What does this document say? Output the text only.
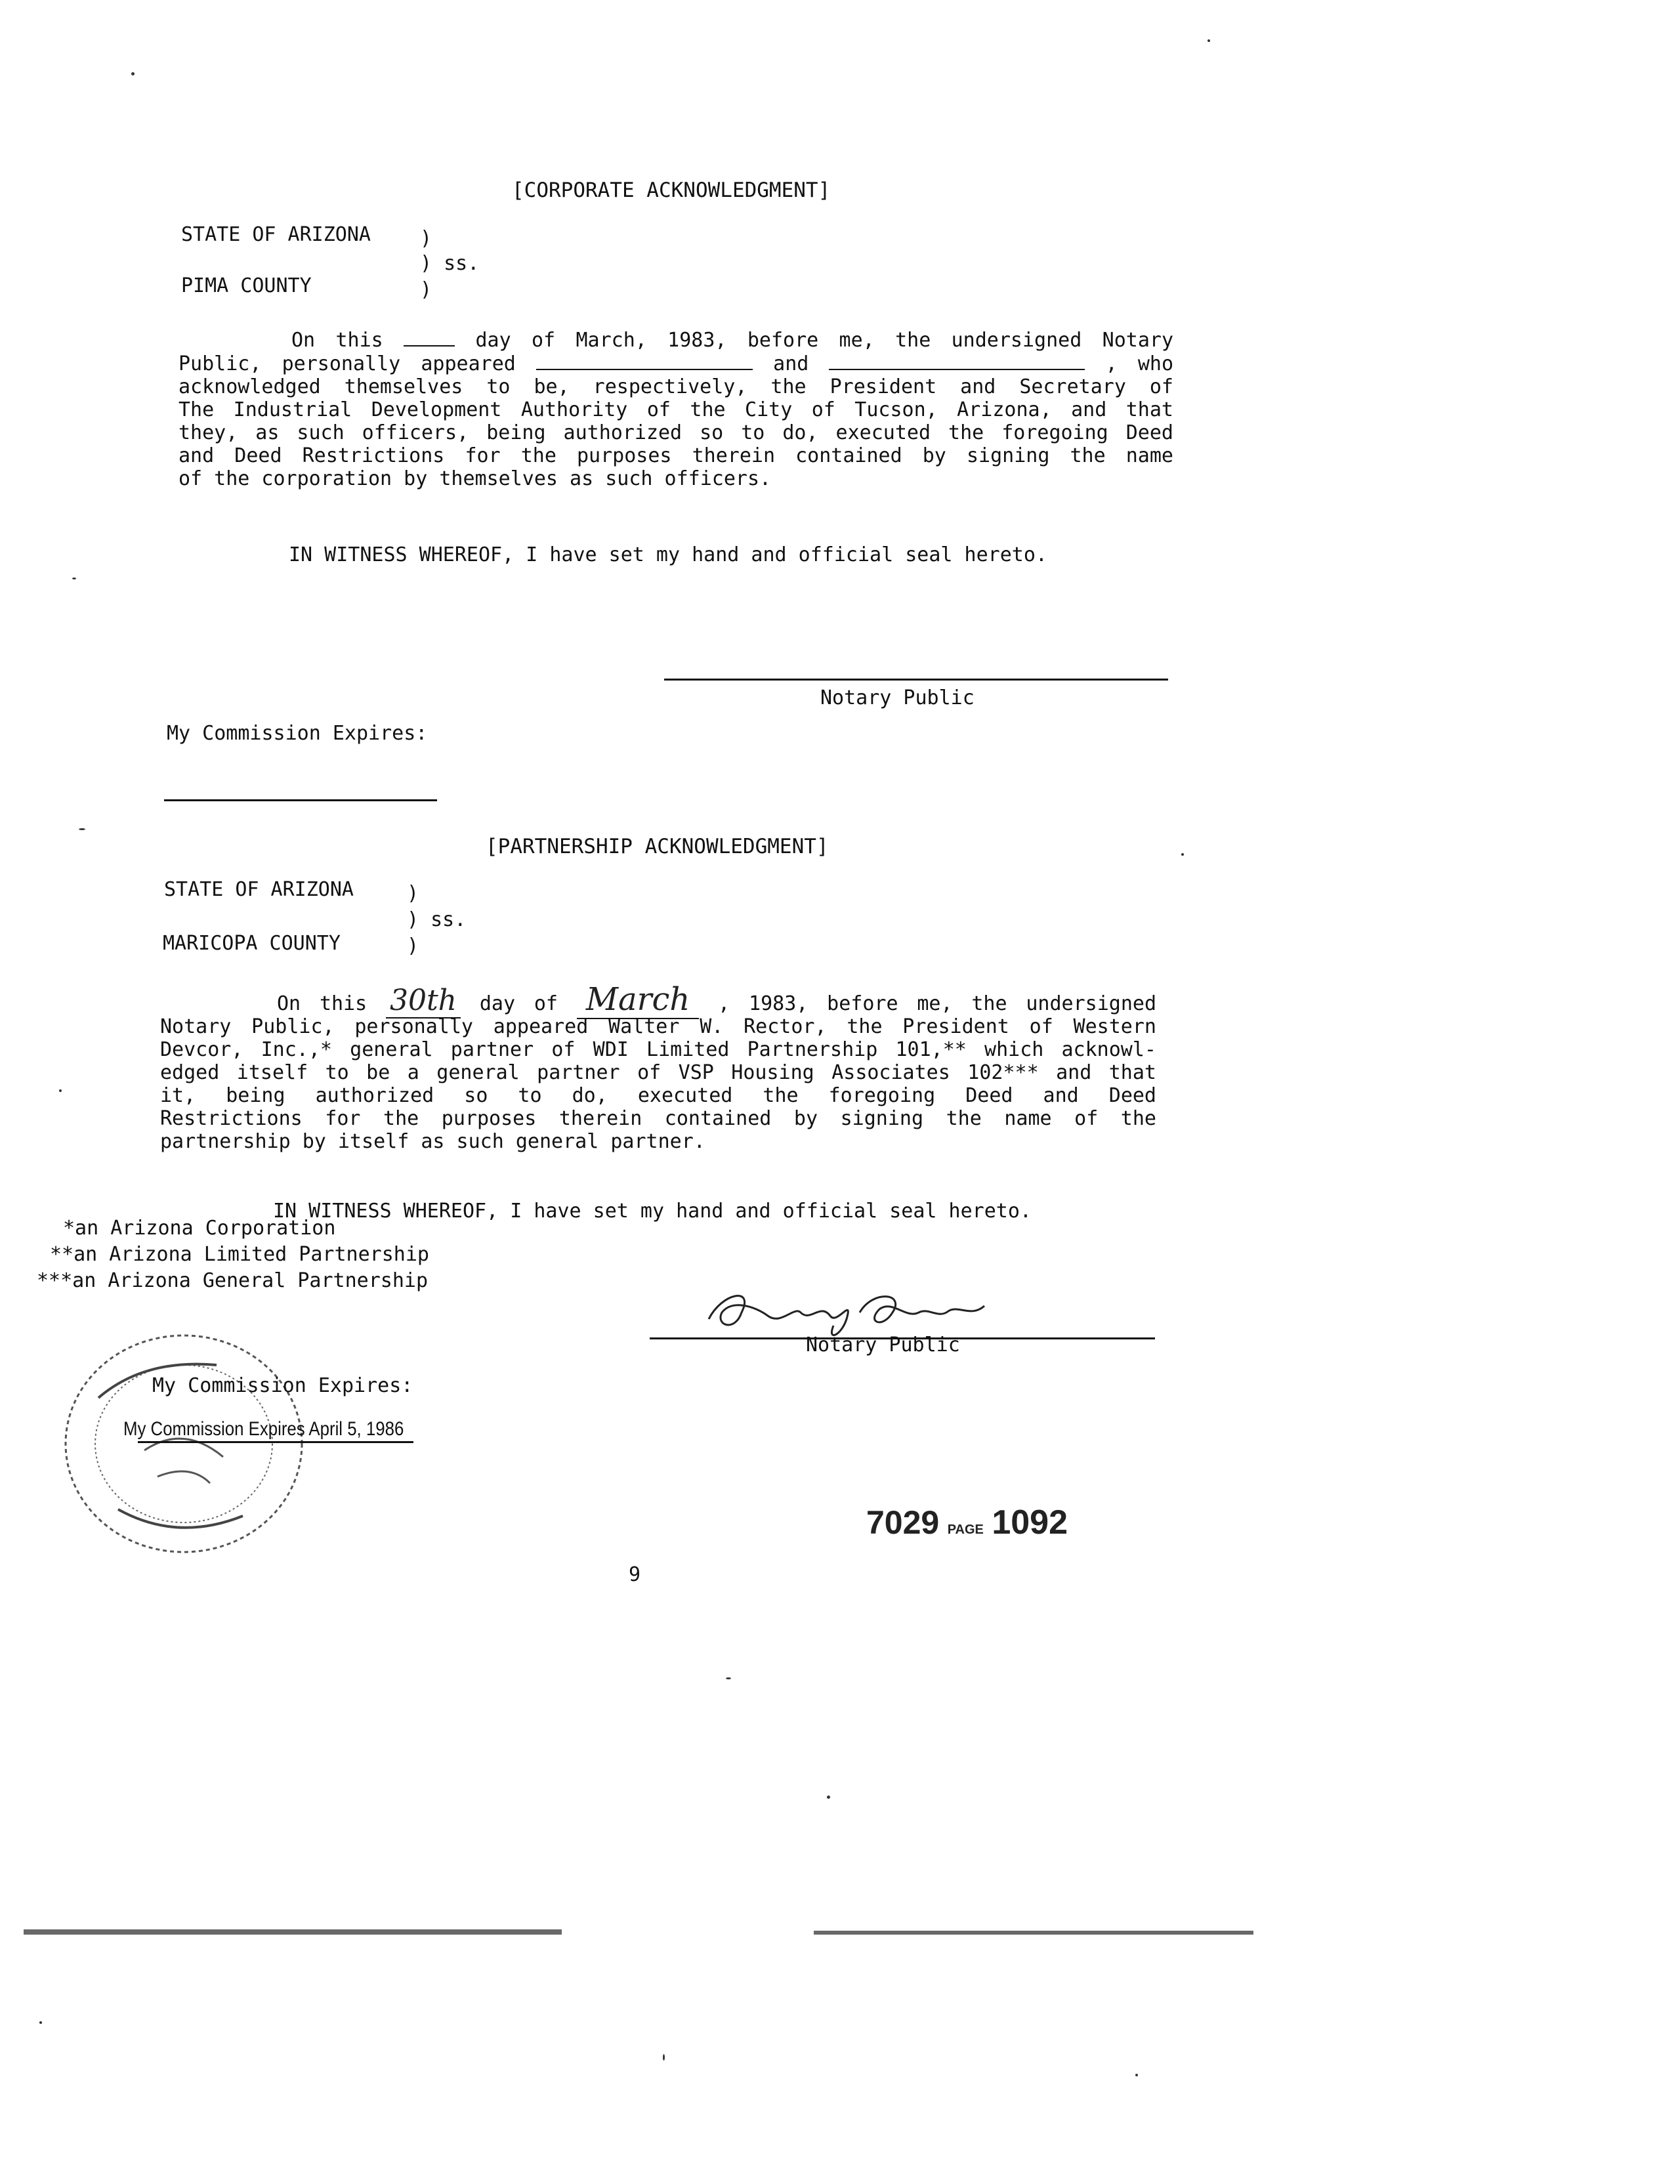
[CORPORATE ACKNOWLEDGMENT]
STATE OF ARIZONA	)
) ss.
PIMA COUNTY	)
On this	day of March, 1983, before me, the undersigned Notary
Public, personally appeared	and	, who
acknowledged themselves to be, respectively, the President and Secretary of
The Industrial Development Authority of the City of Tucson, Arizona, and that
they, as such officers, being authorized so to do, executed the foregoing Deed
and Deed Restrictions for the purposes therein contained by signing the name
of the corporation by themselves as such officers.
IN WITNESS WHEREOF, I have set my hand and official seal hereto.
Notary Public
My Commission Expires:
[PARTNERSHIP ACKNOWLEDGMENT]
STATE OF ARIZONA	)
) ss.
MARICOPA COUNTY	)
On this 30th day of March , 1983, before me, the undersigned
Notary Public, personally appeared Walter W. Rector, the President of Western
Devcor, Inc.,* general partner of WDI Limited Partnership 101,** which acknowl-
edged itself to be a general partner of VSP Housing Associates 102*** and that
it, being authorized so to do, executed the foregoing Deed and Deed
Restrictions for the purposes therein contained by signing the name of the
partnership by itself as such general partner.
IN WITNESS WHEREOF, I have set my hand and official seal hereto.
*an Arizona Corporation
**an Arizona Limited Partnership
***an Arizona General Partnership
Notary Public
My Commission Expires:
My Commission Expires April 5, 1986
9
7029 PAGE 1092
